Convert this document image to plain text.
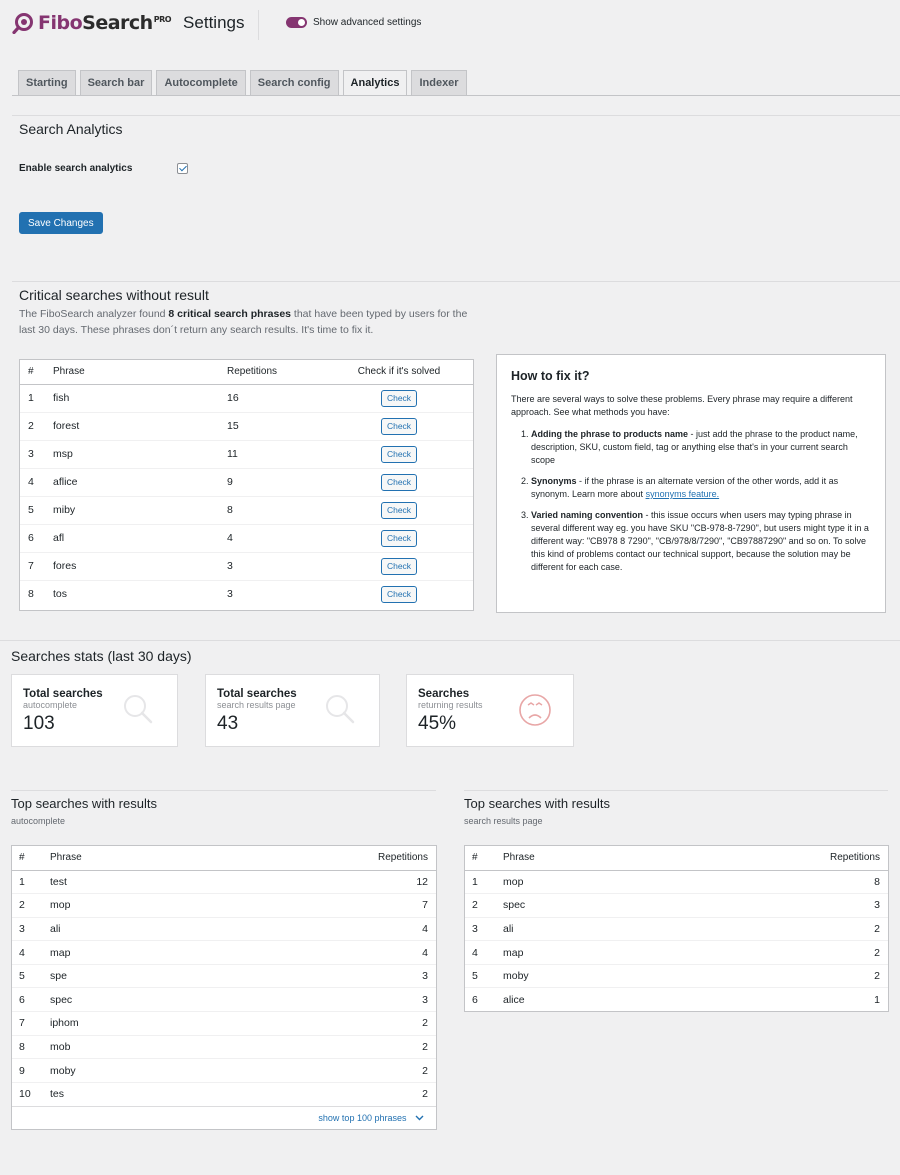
FiboSearch$^{PRO}$ Settings	Show advanced settings
Starting	Search bar	Autocomplete	Search config	Analytics	Indexer
Search Analytics
Enable search analytics
Save Changes
Critical searches without result
The FiboSearch analyzer found 8 critical search phrases that have been typed by users for the last 30 days. These phrases don´t return any search results. It's time to fix it.
#	Phrase	Repetitions	Check if it's solved
1	fish	16	Check
2	forest	15	Check
3	msp	11	Check
4	aflice	9	Check
5	miby	8	Check
6	afl	4	Check
7	fores	3	Check
8	tos	3	Check
How to fix it?

There are several ways to solve these problems. Every phrase may require a different approach. See what methods you have:

1. Adding the phrase to products name - just add the phrase to the product name, description, SKU, custom field, tag or anything else that's in your current search scope
2. Synonyms - if the phrase is an alternate version of the other words, add it as synonym. Learn more about synonyms feature.
3. Varied naming convention - this issue occurs when users may typing phrase in several different way eg. you have SKU "CB-978-8-7290", but users might type it in a different way: "CB978 8 7290", "CB/978/8/7290", "CB97887290" and so on. To solve this kind of problems contact our technical support, because the solution may be different for each case.
Searches stats (last 30 days)
Total searches
autocomplete
103
Total searches
search results page
43
Searches
returning results
45%
Top searches with results
autocomplete
#	Phrase	Repetitions
1	test	12
2	mop	7
3	ali	4
4	map	4
5	spe	3
6	spec	3
7	iphom	2
8	mob	2
9	moby	2
10	tes	2
show top 100 phrases
Top searches with results
search results page
#	Phrase	Repetitions
1	mop	8
2	spec	3
3	ali	2
4	map	2
5	moby	2
6	alice	1
